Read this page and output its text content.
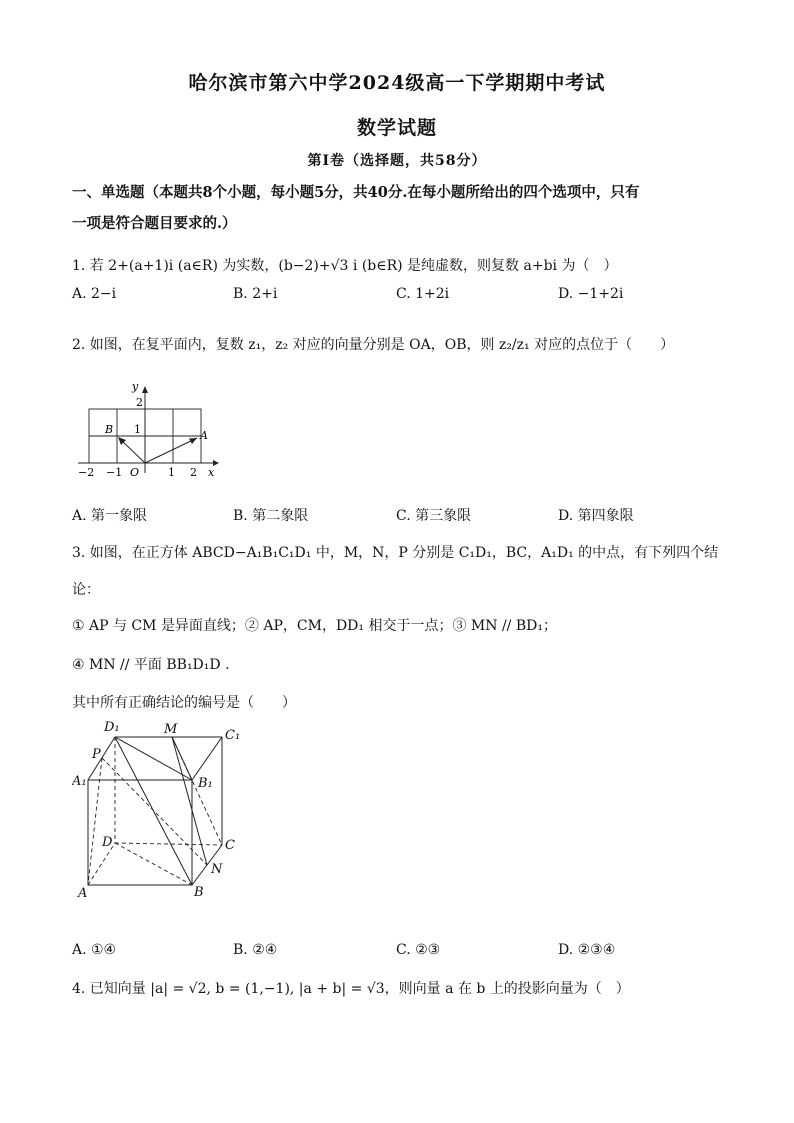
哈尔滨市第六中学2024级高一下学期期中考试
数学试题
第Ⅰ卷（选择题，共58分）
一、单选题（本题共8个小题，每小题5分，共40分.在每小题所给出的四个选项中，只有
一项是符合题目要求的.）
1. 若 2+(a+1)i (a∈R) 为实数，(b−2)+√3 i (b∈R) 是纯虚数，则复数 a+bi 为（　）
A. 2−i	B. 2+i	C. 1+2i	D. −1+2i
2. 如图，在复平面内，复数 z₁，z₂ 对应的向量分别是 OA，OB，则 z₂/z₁ 对应的点位于（　　）
y
2
1
B	A
−2 −1 O	1 2 x
A. 第一象限	B. 第二象限	C. 第三象限	D. 第四象限
3. 如图，在正方体 ABCD−A₁B₁C₁D₁ 中，M，N，P 分别是 C₁D₁，BC，A₁D₁ 的中点，有下列四个结
论：
① AP 与 CM 是异面直线；② AP，CM，DD₁ 相交于一点；③ MN // BD₁；
④ MN // 平面 BB₁D₁D .
其中所有正确结论的编号是（　　）
D₁	M	C₁
P
A₁	B₁
D	C
N
A	B
A. ①④	B. ②④	C. ②③	D. ②③④
4. 已知向量 |a| = √2, b = (1,−1), |a + b| = √3，则向量 a 在 b 上的投影向量为（　）
